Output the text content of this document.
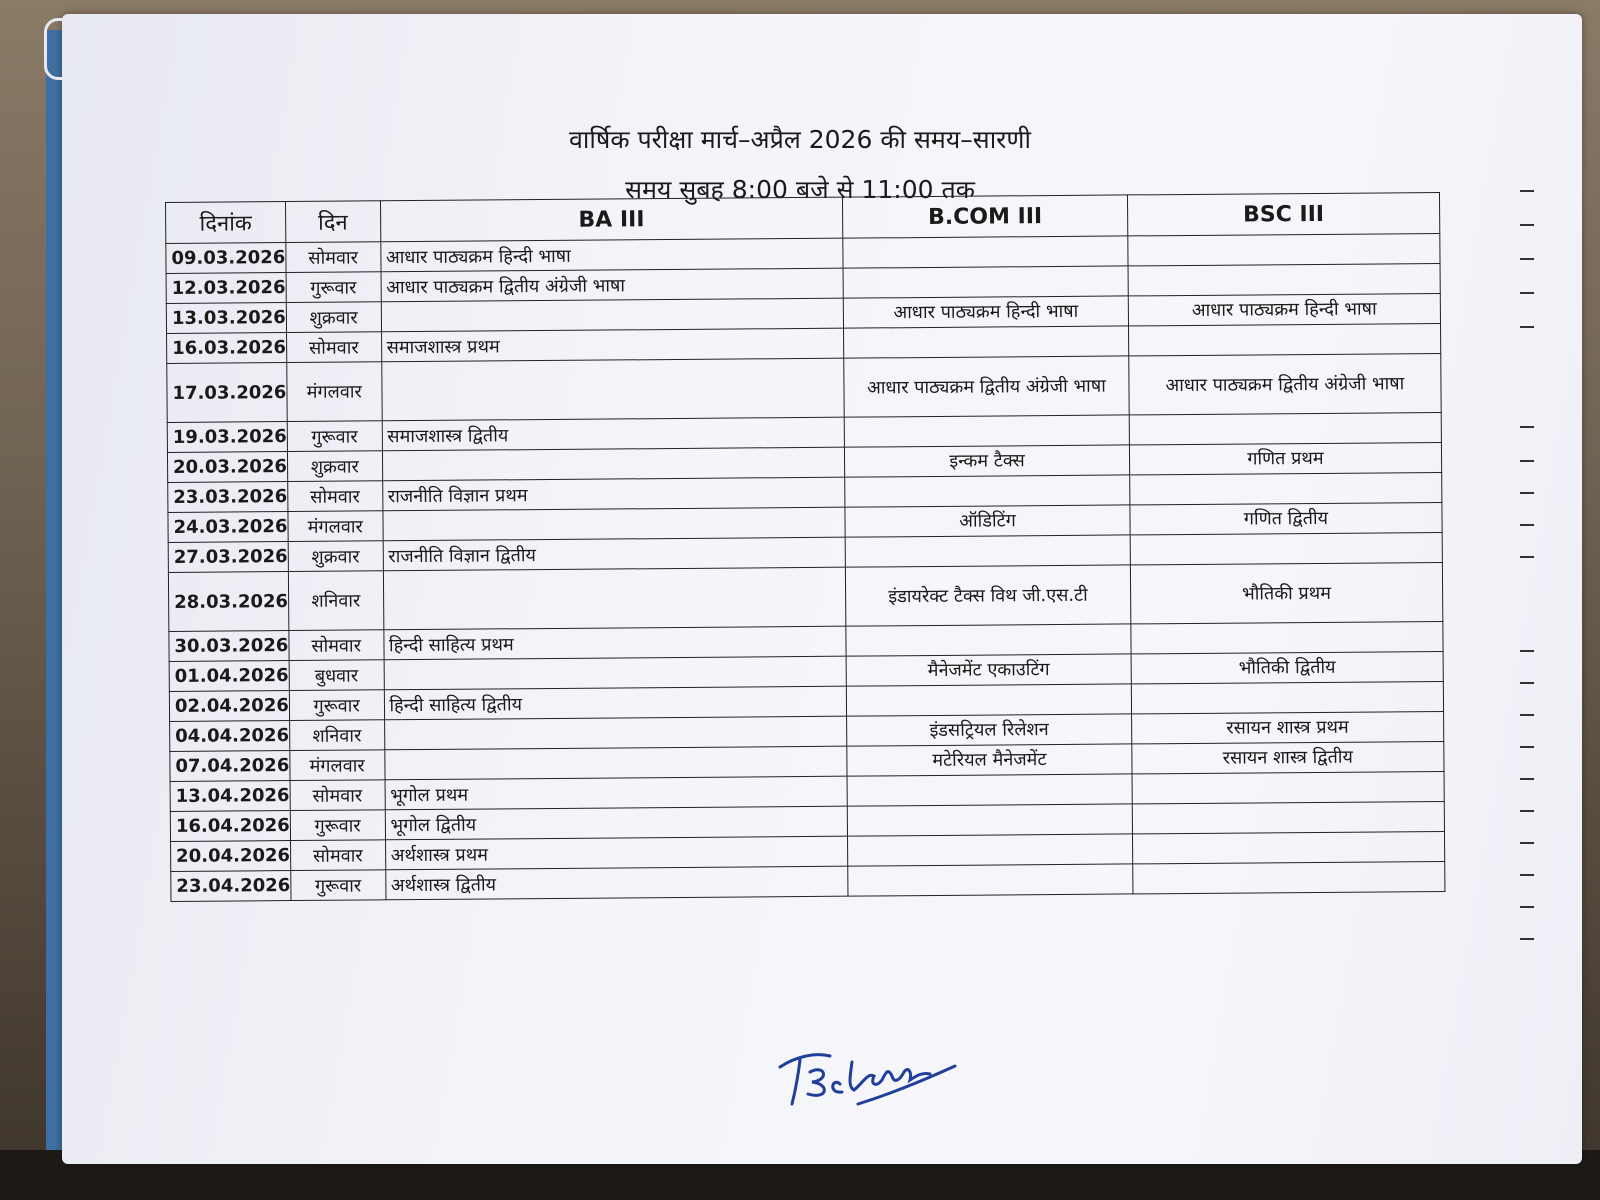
वार्षिक परीक्षा मार्च–अप्रैल 2026 की समय–सारणी
समय सुबह 8:00 बजे से 11:00 तक
दिनांक	दिन	BA III	B.COM III	BSC III
09.03.2026	सोमवार	आधार पाठ्यक्रम हिन्दी भाषा		
12.03.2026	गुरूवार	आधार पाठ्यक्रम द्वितीय अंग्रेजी भाषा		
13.03.2026	शुक्रवार		आधार पाठ्यक्रम हिन्दी भाषा	आधार पाठ्यक्रम हिन्दी भाषा
16.03.2026	सोमवार	समाजशास्त्र प्रथम		
17.03.2026	मंगलवार		आधार पाठ्यक्रम द्वितीय अंग्रेजी भाषा	आधार पाठ्यक्रम द्वितीय अंग्रेजी भाषा
19.03.2026	गुरूवार	समाजशास्त्र द्वितीय		
20.03.2026	शुक्रवार		इन्कम टैक्स	गणित प्रथम
23.03.2026	सोमवार	राजनीति विज्ञान प्रथम		
24.03.2026	मंगलवार		ऑडिटिंग	गणित द्वितीय
27.03.2026	शुक्रवार	राजनीति विज्ञान द्वितीय		
28.03.2026	शनिवार		इंडायरेक्ट टैक्स विथ जी.एस.टी	भौतिकी प्रथम
30.03.2026	सोमवार	हिन्दी साहित्य प्रथम		
01.04.2026	बुधवार		मैनेजमेंट एकाउटिंग	भौतिकी द्वितीय
02.04.2026	गुरूवार	हिन्दी साहित्य द्वितीय		
04.04.2026	शनिवार		इंडसट्रियल रिलेशन	रसायन शास्त्र प्रथम
07.04.2026	मंगलवार		मटेरियल मैनेजमेंट	रसायन शास्त्र द्वितीय
13.04.2026	सोमवार	भूगोल प्रथम		
16.04.2026	गुरूवार	भूगोल द्वितीय		
20.04.2026	सोमवार	अर्थशास्त्र प्रथम		
23.04.2026	गुरूवार	अर्थशास्त्र द्वितीय		
